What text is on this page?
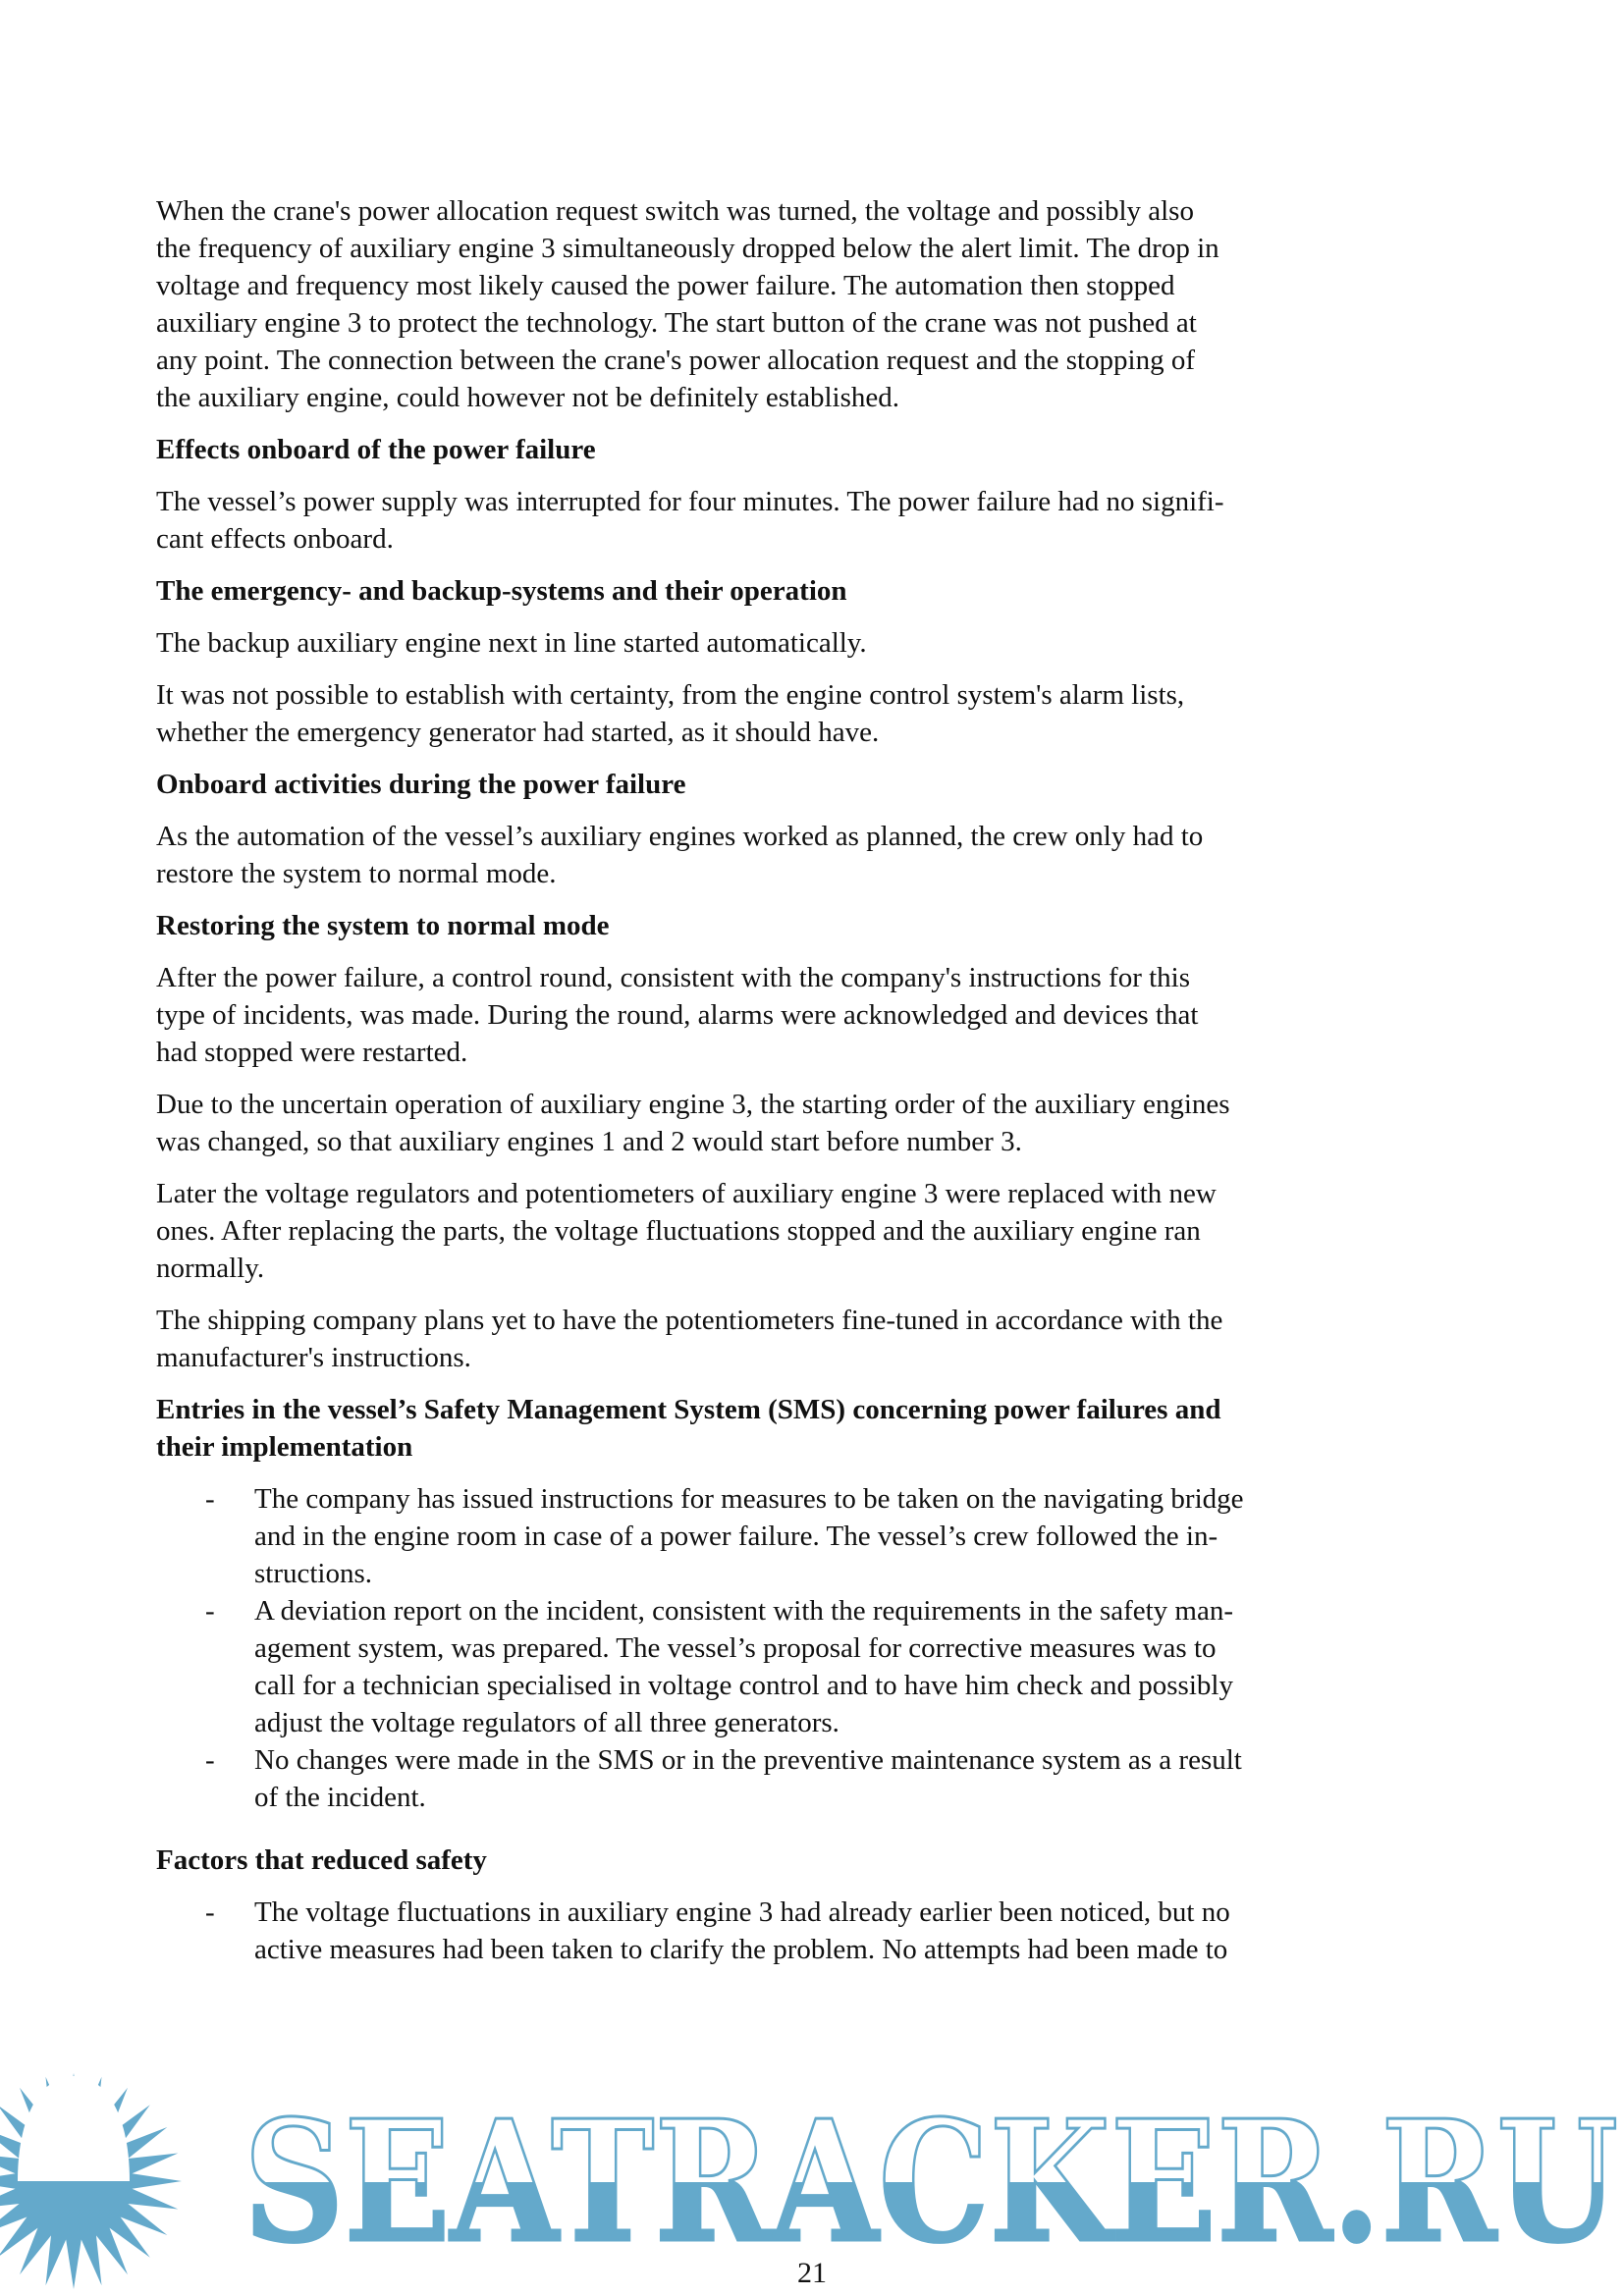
When the crane's power allocation request switch was turned, the voltage and possibly also
the frequency of auxiliary engine 3 simultaneously dropped below the alert limit. The drop in
voltage and frequency most likely caused the power failure. The automation then stopped
auxiliary engine 3 to protect the technology. The start button of the crane was not pushed at
any point. The connection between the crane's power allocation request and the stopping of
the auxiliary engine, could however not be definitely established.
Effects onboard of the power failure
The vessel’s power supply was interrupted for four minutes. The power failure had no signifi-
cant effects onboard.
The emergency- and backup-systems and their operation
The backup auxiliary engine next in line started automatically.
It was not possible to establish with certainty, from the engine control system's alarm lists,
whether the emergency generator had started, as it should have.
Onboard activities during the power failure
As the automation of the vessel’s auxiliary engines worked as planned, the crew only had to
restore the system to normal mode.
Restoring the system to normal mode
After the power failure, a control round, consistent with the company's instructions for this
type of incidents, was made. During the round, alarms were acknowledged and devices that
had stopped were restarted.
Due to the uncertain operation of auxiliary engine 3, the starting order of the auxiliary engines
was changed, so that auxiliary engines 1 and 2 would start before number 3.
Later the voltage regulators and potentiometers of auxiliary engine 3 were replaced with new
ones. After replacing the parts, the voltage fluctuations stopped and the auxiliary engine ran
normally.
The shipping company plans yet to have the potentiometers fine-tuned in accordance with the
manufacturer's instructions.
Entries in the vessel’s Safety Management System (SMS) concerning power failures and
their implementation
- The company has issued instructions for measures to be taken on the navigating bridge
and in the engine room in case of a power failure. The vessel’s crew followed the in-
structions.
- A deviation report on the incident, consistent with the requirements in the safety man-
agement system, was prepared. The vessel’s proposal for corrective measures was to
call for a technician specialised in voltage control and to have him check and possibly
adjust the voltage regulators of all three generators.
- No changes were made in the SMS or in the preventive maintenance system as a result
of the incident.
Factors that reduced safety
- The voltage fluctuations in auxiliary engine 3 had already earlier been noticed, but no
active measures had been taken to clarify the problem. No attempts had been made to
SEATRACKER.RU
21
